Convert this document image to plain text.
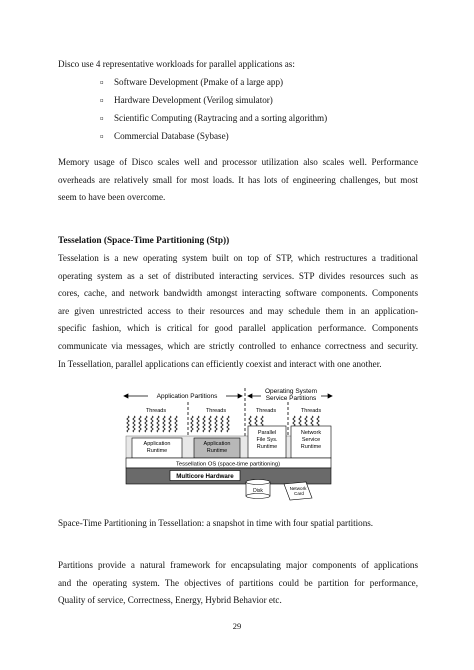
Disco use 4 representative workloads for parallel applications as:

¤ Software Development (Pmake of a large app)
¤ Hardware Development (Verilog simulator)
¤ Scientific Computing (Raytracing and a sorting algorithm)
¤ Commercial Database (Sybase)
Memory usage of Disco scales well and processor utilization also scales well. Performance
overheads are relatively small for most loads. It has lots of engineering challenges, but most
seem to have been overcome.
Tesselation (Space-Time Partitioning (Stp))
Tesselation is a new operating system built on top of STP, which restructures a traditional
operating system as a set of distributed interacting services. STP divides resources such as
cores, cache, and network bandwidth amongst interacting software components. Components
are given unrestricted access to their resources and may schedule them in an application-
specific fashion, which is critical for good parallel application performance. Components
communicate via messages, which are strictly controlled to enhance correctness and security.
In Tessellation, parallel applications can efficiently coexist and interact with one another.
Application Partitions
Operating System
Service Partitions
Threads	Threads	Threads	Threads
Application
Runtime
Application
Runtime
Parallel
File Sys.
Runtime
Network
Service
Runtime
Tessellation OS (space-time partitioning)
Multicore Hardware
Disk	Network
Card

Space-Time Partitioning in Tessellation: a snapshot in time with four spatial partitions.

Partitions provide a natural framework for encapsulating major components of applications
and the operating system. The objectives of partitions could be partition for performance,
Quality of service, Correctness, Energy, Hybrid Behavior etc.
29
